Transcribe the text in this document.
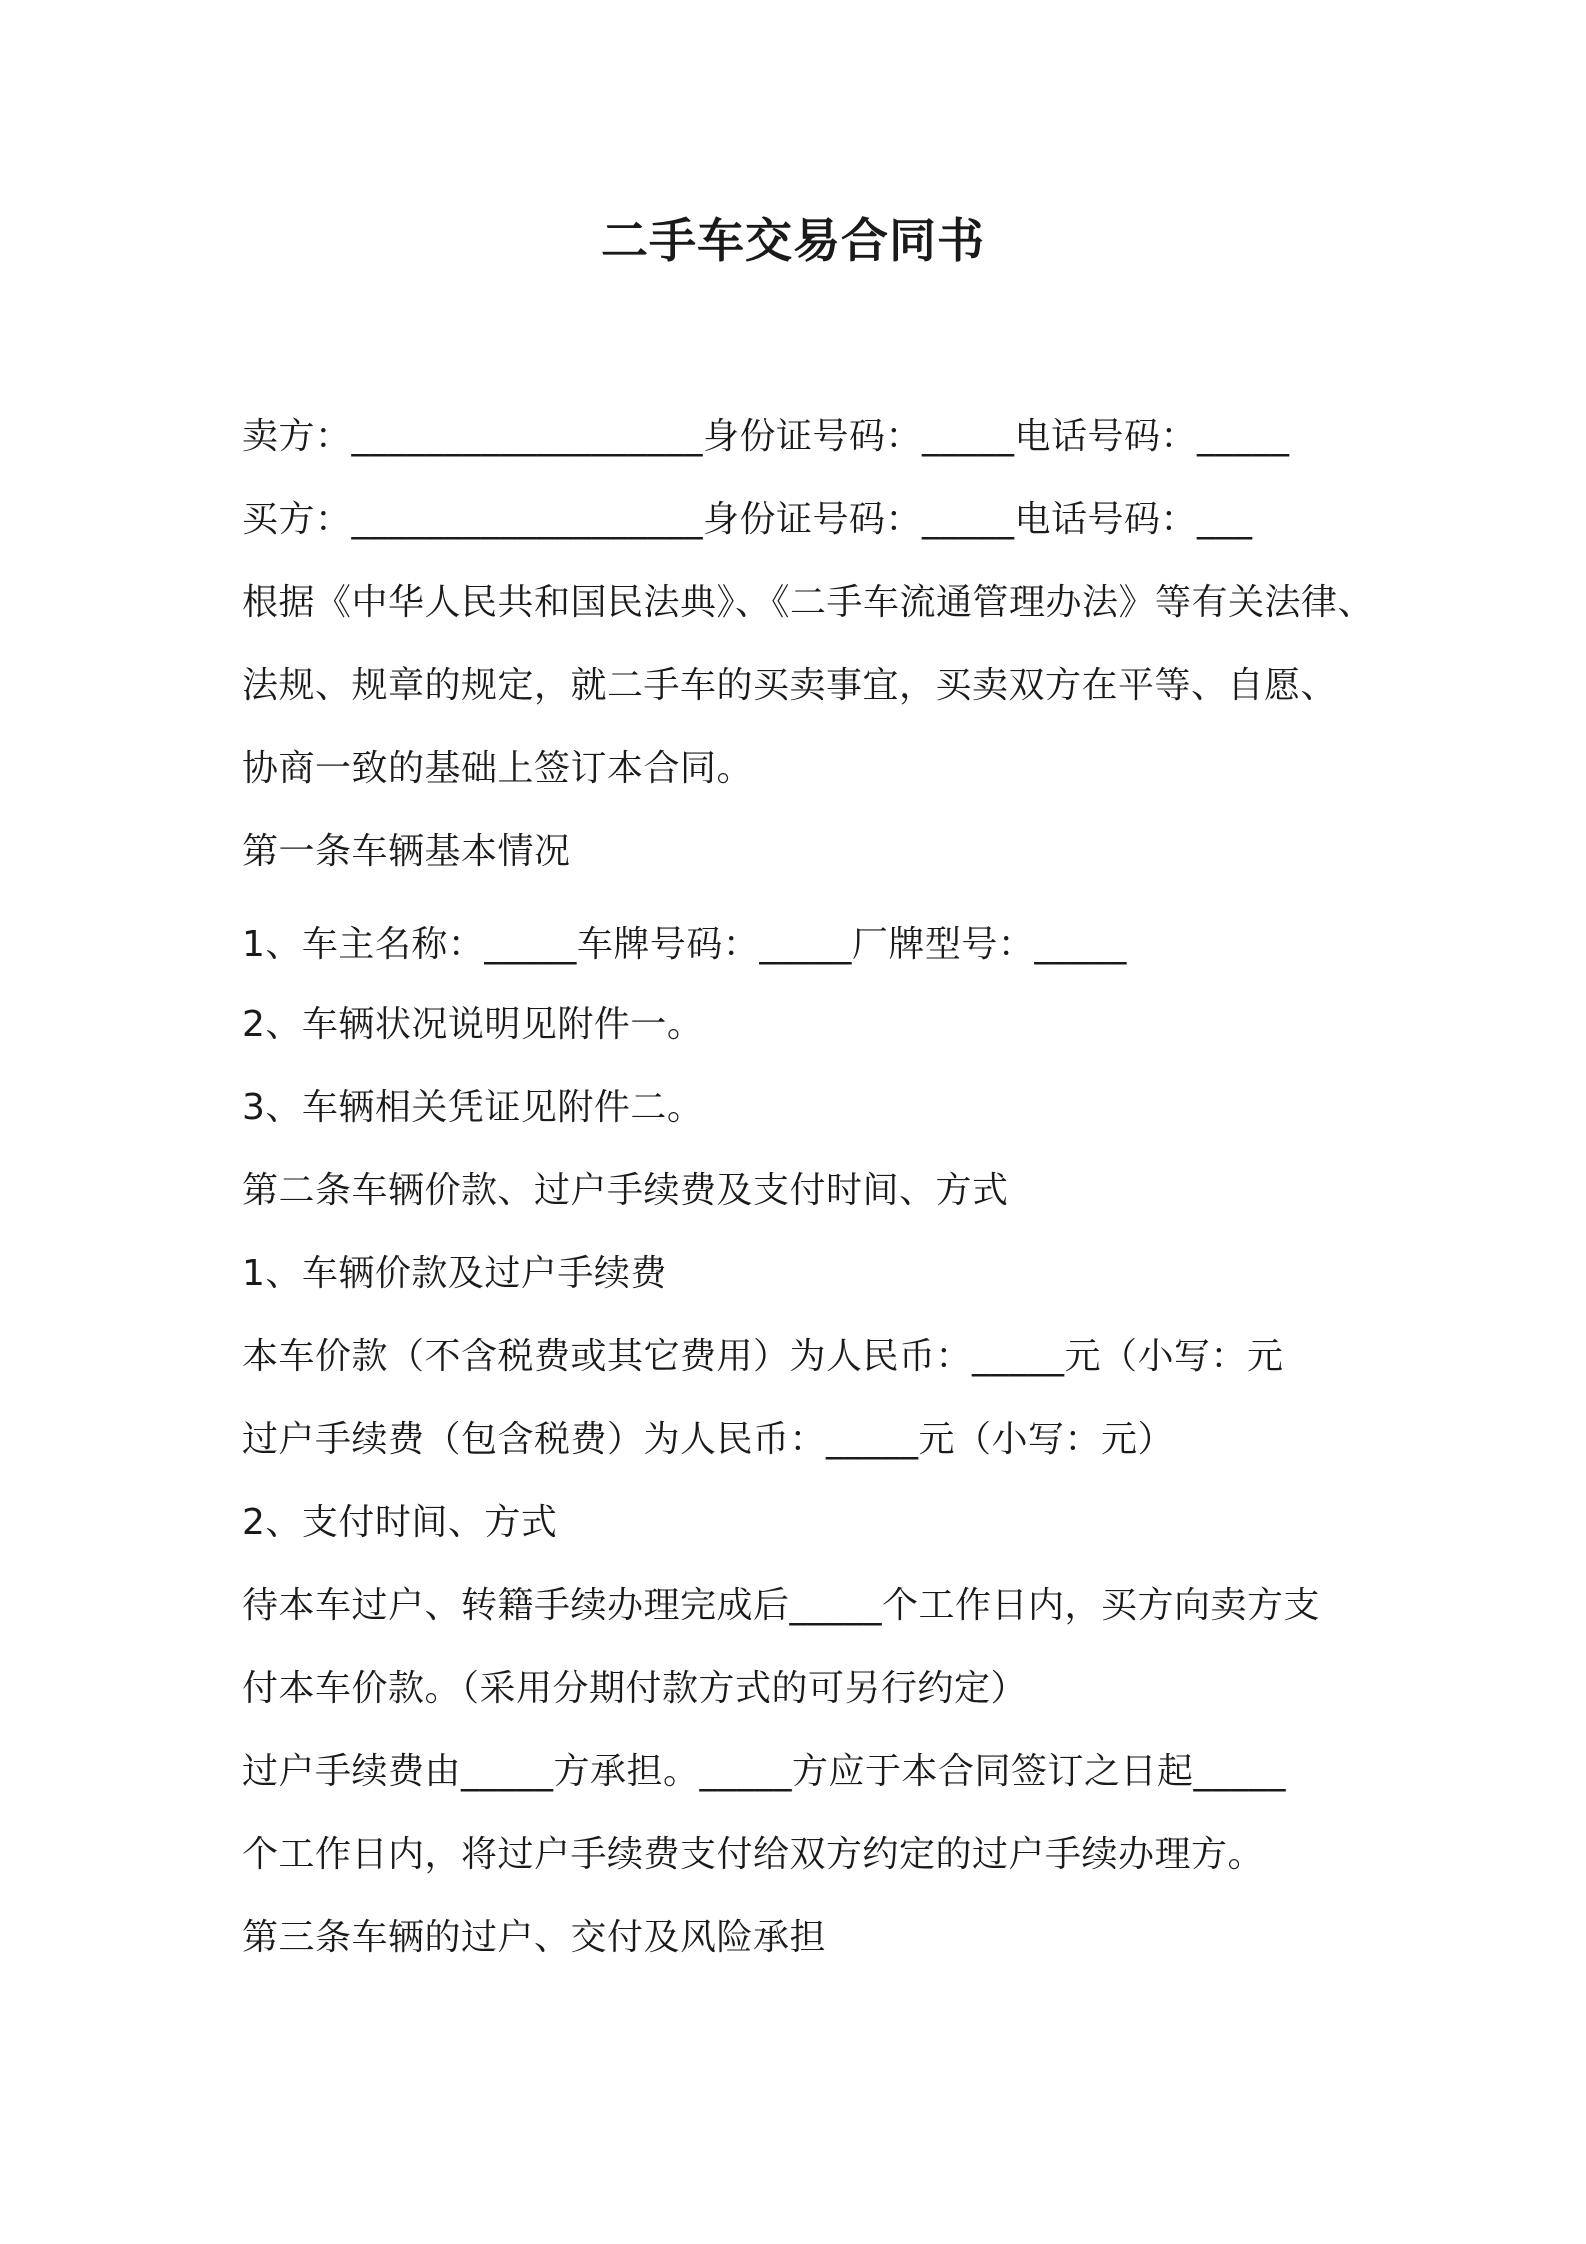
二手车交易合同书
卖方：___________________身份证号码：_____电话号码：_____
买方：___________________身份证号码：_____电话号码：___
根据《中华人民共和国民法典》、《二手车流通管理办法》等有关法律、
法规、规章的规定，就二手车的买卖事宜，买卖双方在平等、自愿、
协商一致的基础上签订本合同。
第一条车辆基本情况
1、车主名称：_____车牌号码：_____厂牌型号：_____
2、车辆状况说明见附件一。
3、车辆相关凭证见附件二。
第二条车辆价款、过户手续费及支付时间、方式
1、车辆价款及过户手续费
本车价款（不含税费或其它费用）为人民币：_____元（小写：元
过户手续费（包含税费）为人民币：_____元（小写：元）
2、支付时间、方式
待本车过户、转籍手续办理完成后_____个工作日内，买方向卖方支
付本车价款。（采用分期付款方式的可另行约定）
过户手续费由_____方承担。_____方应于本合同签订之日起_____
个工作日内，将过户手续费支付给双方约定的过户手续办理方。
第三条车辆的过户、交付及风险承担
